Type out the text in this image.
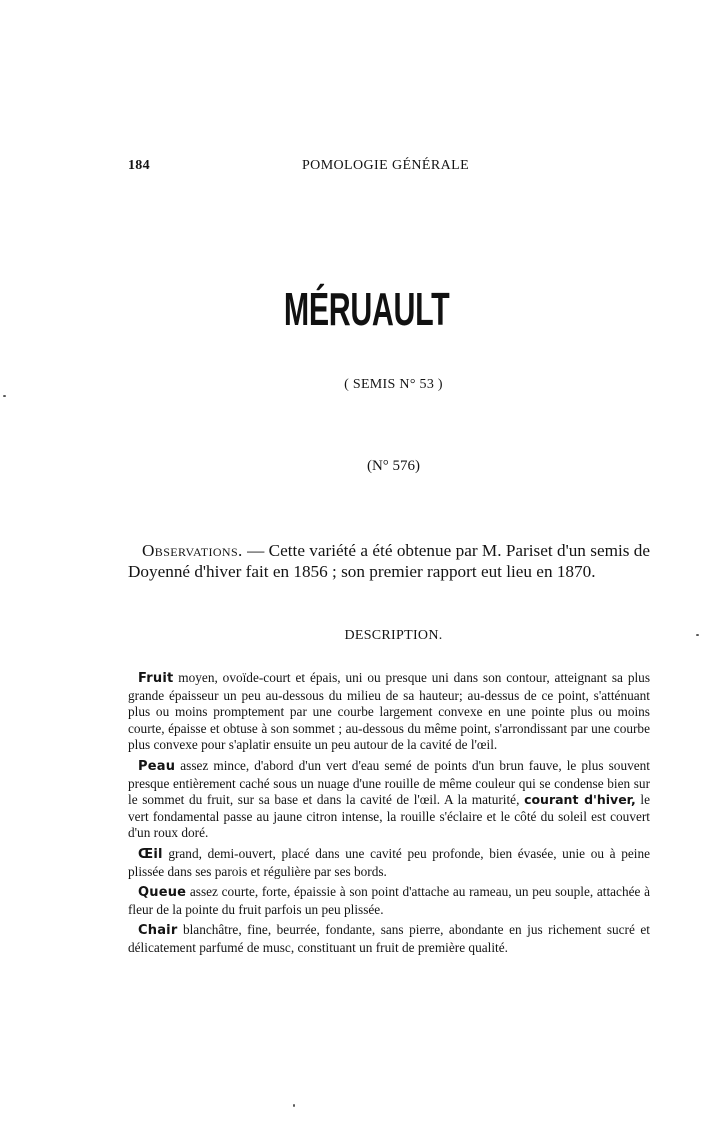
184	POMOLOGIE GÉNÉRALE
MÉRUAULT
( SEMIS N° 53 )
(N° 576)
Observations. — Cette variété a été obtenue par M. Pariset d'un semis de Doyenné d'hiver fait en 1856 ; son premier rapport eut lieu en 1870.
DESCRIPTION.

Fruit moyen, ovoïde-court et épais, uni ou presque uni dans son contour, atteignant sa plus grande épaisseur un peu au-dessous du milieu de sa hauteur; au-dessus de ce point, s'atténuant plus ou moins promptement par une courbe largement convexe en une pointe plus ou moins courte, épaisse et obtuse à son sommet ; au-dessous du même point, s'arrondissant par une courbe plus convexe pour s'aplatir ensuite un peu autour de la cavité de l'œil.

Peau assez mince, d'abord d'un vert d'eau semé de points d'un brun fauve, le plus souvent presque entièrement caché sous un nuage d'une rouille de même couleur qui se condense bien sur le sommet du fruit, sur sa base et dans la cavité de l'œil. A la maturité, courant d'hiver, le vert fondamental passe au jaune citron intense, la rouille s'éclaire et le côté du soleil est couvert d'un roux doré.

Œil grand, demi-ouvert, placé dans une cavité peu profonde, bien évasée, unie ou à peine plissée dans ses parois et régulière par ses bords.

Queue assez courte, forte, épaissie à son point d'attache au rameau, un peu souple, attachée à fleur de la pointe du fruit parfois un peu plissée.

Chair blanchâtre, fine, beurrée, fondante, sans pierre, abondante en jus richement sucré et délicatement parfumé de musc, constituant un fruit de première qualité.
